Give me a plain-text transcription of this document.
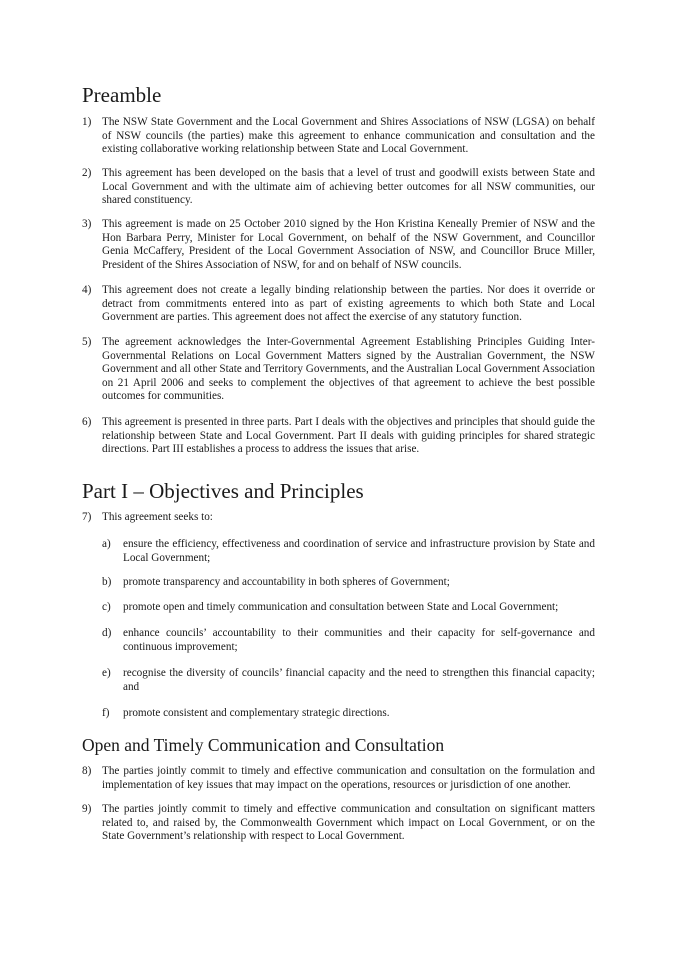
Preamble
1) The NSW State Government and the Local Government and Shires Associations of NSW (LGSA) on behalf of NSW councils (the parties) make this agreement to enhance communication and consultation and the existing collaborative working relationship between State and Local Government.
2) This agreement has been developed on the basis that a level of trust and goodwill exists between State and Local Government and with the ultimate aim of achieving better outcomes for all NSW communities, our shared constituency.
3) This agreement is made on 25 October 2010 signed by the Hon Kristina Keneally Premier of NSW and the Hon Barbara Perry, Minister for Local Government, on behalf of the NSW Government, and Councillor Genia McCaffery, President of the Local Government Association of NSW, and Councillor Bruce Miller, President of the Shires Association of NSW, for and on behalf of NSW councils.
4) This agreement does not create a legally binding relationship between the parties. Nor does it override or detract from commitments entered into as part of existing agreements to which both State and Local Government are parties. This agreement does not affect the exercise of any statutory function.
5) The agreement acknowledges the Inter-Governmental Agreement Establishing Principles Guiding Inter-Governmental Relations on Local Government Matters signed by the Australian Government, the NSW Government and all other State and Territory Governments, and the Australian Local Government Association on 21 April 2006 and seeks to complement the objectives of that agreement to achieve the best possible outcomes for communities.
6) This agreement is presented in three parts. Part I deals with the objectives and principles that should guide the relationship between State and Local Government. Part II deals with guiding principles for shared strategic directions. Part III establishes a process to address the issues that arise.
Part I – Objectives and Principles
7) This agreement seeks to:
a) ensure the efficiency, effectiveness and coordination of service and infrastructure provision by State and Local Government;
b) promote transparency and accountability in both spheres of Government;
c) promote open and timely communication and consultation between State and Local Government;
d) enhance councils’ accountability to their communities and their capacity for self-governance and continuous improvement;
e) recognise the diversity of councils’ financial capacity and the need to strengthen this financial capacity; and
f) promote consistent and complementary strategic directions.
Open and Timely Communication and Consultation
8) The parties jointly commit to timely and effective communication and consultation on the formulation and implementation of key issues that may impact on the operations, resources or jurisdiction of one another.
9) The parties jointly commit to timely and effective communication and consultation on significant matters related to, and raised by, the Commonwealth Government which impact on Local Government, or on the State Government’s relationship with respect to Local Government.
